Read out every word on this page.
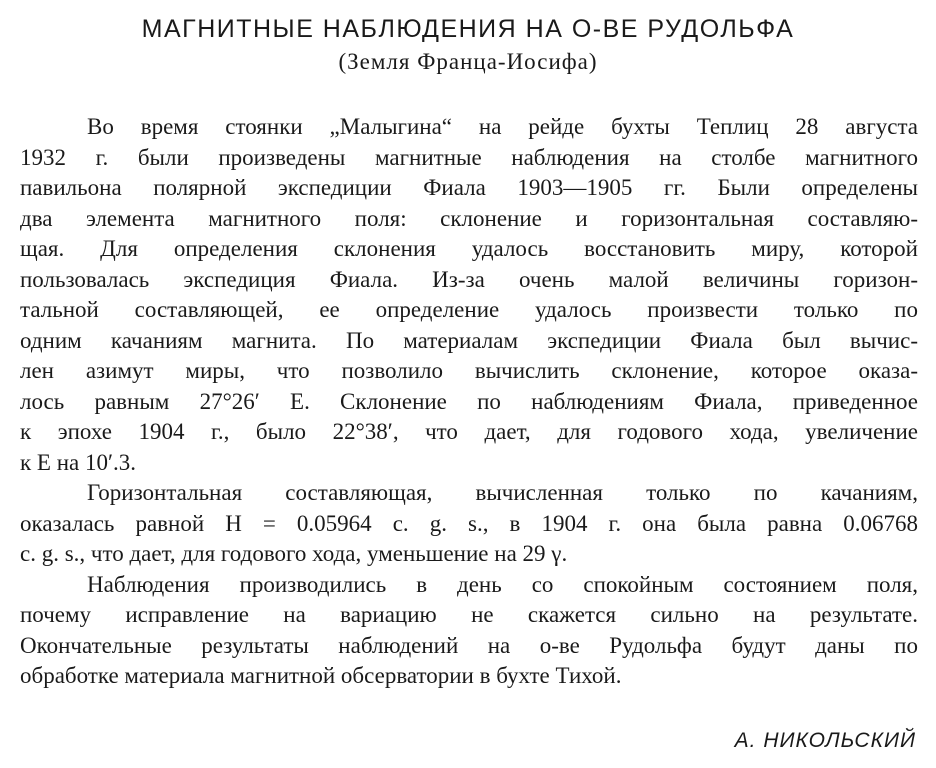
МАГНИТНЫЕ НАБЛЮДЕНИЯ НА О-ВЕ РУДОЛЬФА
(Земля Франца-Иосифа)
Во время стоянки „Малыгина“ на рейде бухты Теплиц 28 августа
1932 г. были произведены магнитные наблюдения на столбе магнитного
павильона полярной экспедиции Фиала 1903—1905 гг. Были определены
два элемента магнитного поля: склонение и горизонтальная составляю-
щая. Для определения склонения удалось восстановить миру, которой
пользовалась экспедиция Фиала. Из-за очень малой величины горизон-
тальной составляющей, ее определение удалось произвести только по
одним качаниям магнита. По материалам экспедиции Фиала был вычис-
лен азимут миры, что позволило вычислить склонение, которое оказа-
лось равным 27°26′ E. Склонение по наблюдениям Фиала, приведенное
к эпохе 1904 г., было 22°38′, что дает, для годового хода, увеличение
к E на 10′.3.
Горизонтальная составляющая, вычисленная только по качаниям,
оказалась равной H = 0.05964 c. g. s., в 1904 г. она была равна 0.06768
c. g. s., что дает, для годового хода, уменьшение на 29 γ.
Наблюдения производились в день со спокойным состоянием поля,
почему исправление на вариацию не скажется сильно на результате.
Окончательные результаты наблюдений на о-ве Рудольфа будут даны по
обработке материала магнитной обсерватории в бухте Тихой.
А. НИКОЛЬСКИЙ
